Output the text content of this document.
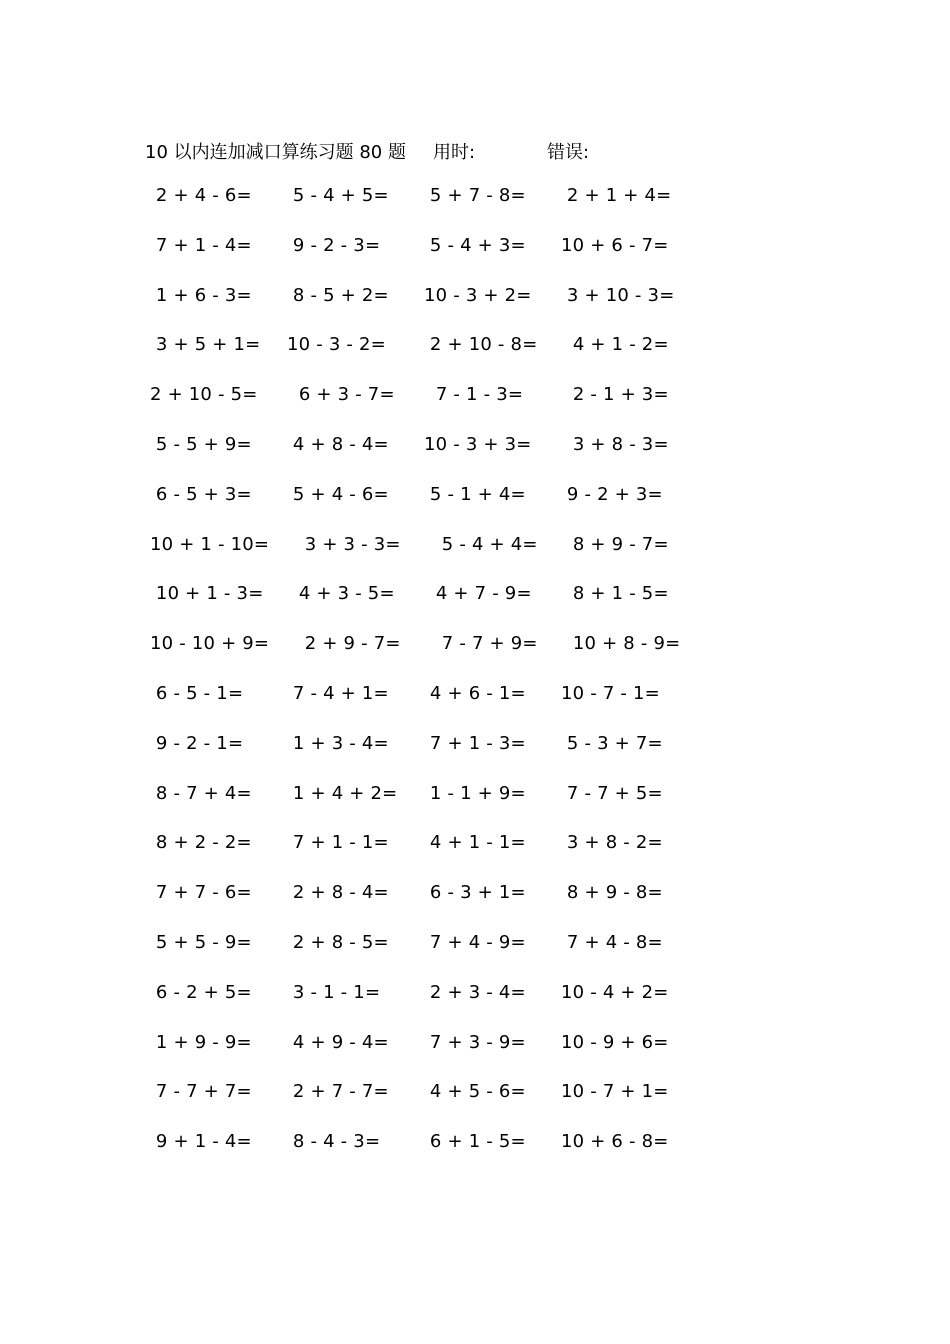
10 以内连加减口算练习题 80 题 用时:	错误:
2 + 4 - 6=	5 - 4 + 5=	5 + 7 - 8=	2 + 1 + 4=
7 + 1 - 4=	9 - 2 - 3=	5 - 4 + 3=	10 + 6 - 7=
1 + 6 - 3=	8 - 5 + 2=	10 - 3 + 2=	3 + 10 - 3=
3 + 5 + 1=	10 - 3 - 2=	2 + 10 - 8=	4 + 1 - 2=
2 + 10 - 5=	6 + 3 - 7=	7 - 1 - 3=	2 - 1 + 3=
5 - 5 + 9=	4 + 8 - 4=	10 - 3 + 3=	3 + 8 - 3=
6 - 5 + 3=	5 + 4 - 6=	5 - 1 + 4=	9 - 2 + 3=
10 + 1 - 10= 3 + 3 - 3=	5 - 4 + 4=	8 + 9 - 7=
10 + 1 - 3=	4 + 3 - 5=	4 + 7 - 9=	8 + 1 - 5=
10 - 10 + 9= 2 + 9 - 7=	7 - 7 + 9=	10 + 8 - 9=
6 - 5 - 1=	7 - 4 + 1=	4 + 6 - 1=	10 - 7 - 1=
9 - 2 - 1=	1 + 3 - 4=	7 + 1 - 3=	5 - 3 + 7=
8 - 7 + 4=	1 + 4 + 2=	1 - 1 + 9=	7 - 7 + 5=
8 + 2 - 2=	7 + 1 - 1=	4 + 1 - 1=	3 + 8 - 2=
7 + 7 - 6=	2 + 8 - 4=	6 - 3 + 1=	8 + 9 - 8=
5 + 5 - 9=	2 + 8 - 5=	7 + 4 - 9=	7 + 4 - 8=
6 - 2 + 5=	3 - 1 - 1=	2 + 3 - 4=	10 - 4 + 2=
1 + 9 - 9=	4 + 9 - 4=	7 + 3 - 9=	10 - 9 + 6=
7 - 7 + 7=	2 + 7 - 7=	4 + 5 - 6=	10 - 7 + 1=
9 + 1 - 4=	8 - 4 - 3=	6 + 1 - 5=	10 + 6 - 8=
